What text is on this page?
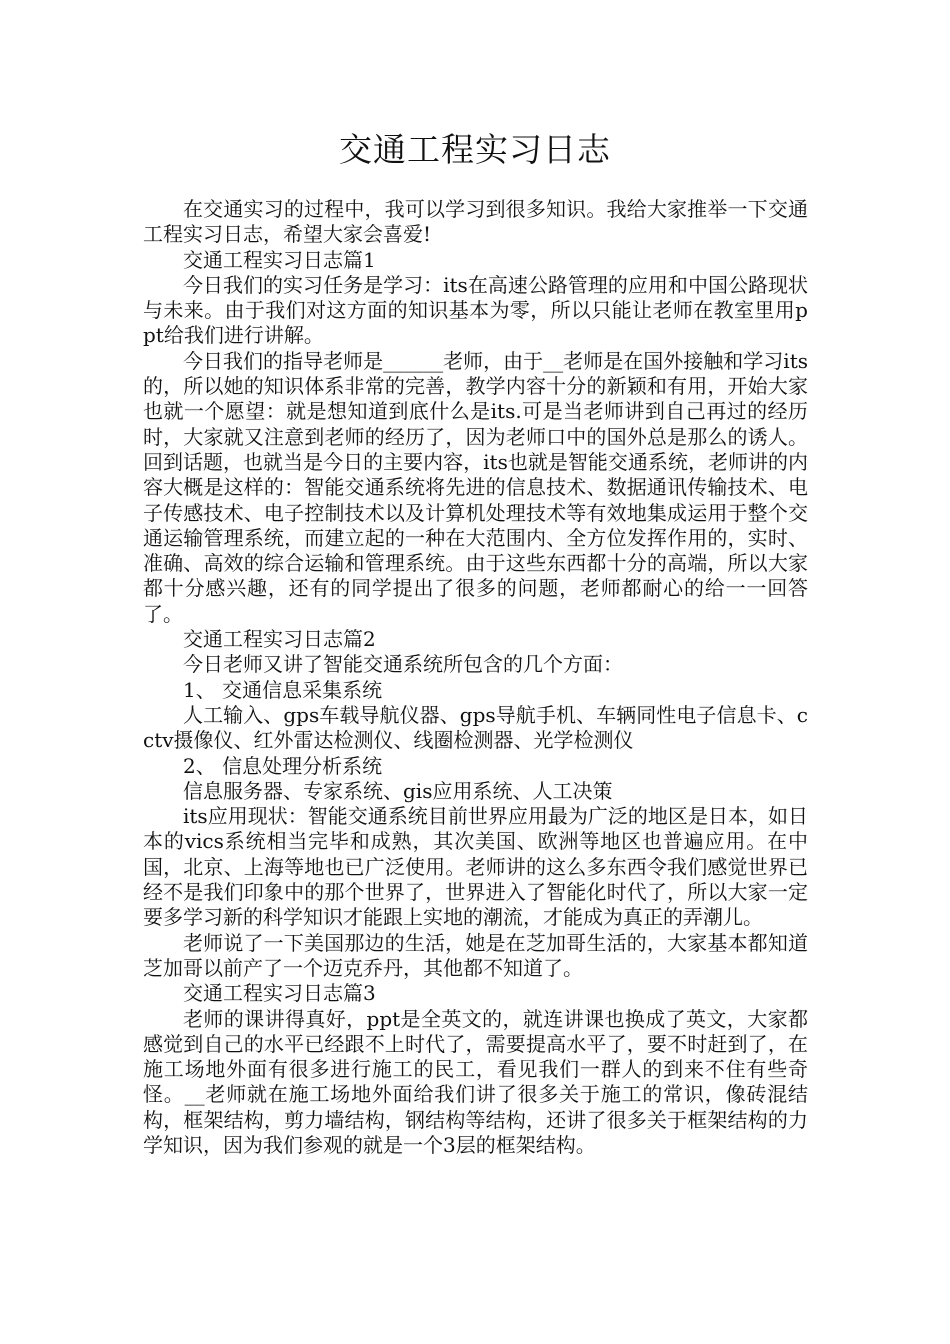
交通工程实习日志

在交通实习的过程中，我可以学习到很多知识。我给大家推举一下交通工程实习日志，希望大家会喜爱!

交通工程实习日志篇1

今日我们的实习任务是学习：its在高速公路管理的应用和中国公路现状与未来。由于我们对这方面的知识基本为零，所以只能让老师在教室里用ppt给我们进行讲解。

今日我们的指导老师是______老师，由于__老师是在国外接触和学习its的，所以她的知识体系非常的完善，教学内容十分的新颖和有用，开始大家也就一个愿望：就是想知道到底什么是its.可是当老师讲到自己再过的经历时，大家就又注意到老师的经历了，因为老师口中的国外总是那么的诱人。回到话题，也就当是今日的主要内容，its也就是智能交通系统，老师讲的内容大概是这样的：智能交通系统将先进的信息技术、数据通讯传输技术、电子传感技术、电子控制技术以及计算机处理技术等有效地集成运用于整个交通运输管理系统，而建立起的一种在大范围内、全方位发挥作用的，实时、准确、高效的综合运输和管理系统。由于这些东西都十分的高端，所以大家都十分感兴趣，还有的同学提出了很多的问题，老师都耐心的给一一回答了。

交通工程实习日志篇2

今日老师又讲了智能交通系统所包含的几个方面：

1、 交通信息采集系统

人工输入、gps车载导航仪器、gps导航手机、车辆同性电子信息卡、cctv摄像仪、红外雷达检测仪、线圈检测器、光学检测仪

2、 信息处理分析系统

信息服务器、专家系统、gis应用系统、人工决策

its应用现状：智能交通系统目前世界应用最为广泛的地区是日本，如日本的vics系统相当完毕和成熟，其次美国、欧洲等地区也普遍应用。在中国，北京、上海等地也已广泛使用。老师讲的这么多东西令我们感觉世界已经不是我们印象中的那个世界了，世界进入了智能化时代了，所以大家一定要多学习新的科学知识才能跟上实地的潮流，才能成为真正的弄潮儿。

老师说了一下美国那边的生活，她是在芝加哥生活的，大家基本都知道芝加哥以前产了一个迈克乔丹，其他都不知道了。

交通工程实习日志篇3

老师的课讲得真好，ppt是全英文的，就连讲课也换成了英文，大家都感觉到自己的水平已经跟不上时代了，需要提高水平了，要不时赶到了，在施工场地外面有很多进行施工的民工，看见我们一群人的到来不住有些奇怪。__老师就在施工场地外面给我们讲了很多关于施工的常识，像砖混结构，框架结构，剪力墙结构，钢结构等结构，还讲了很多关于框架结构的力学知识，因为我们参观的就是一个3层的框架结构。
